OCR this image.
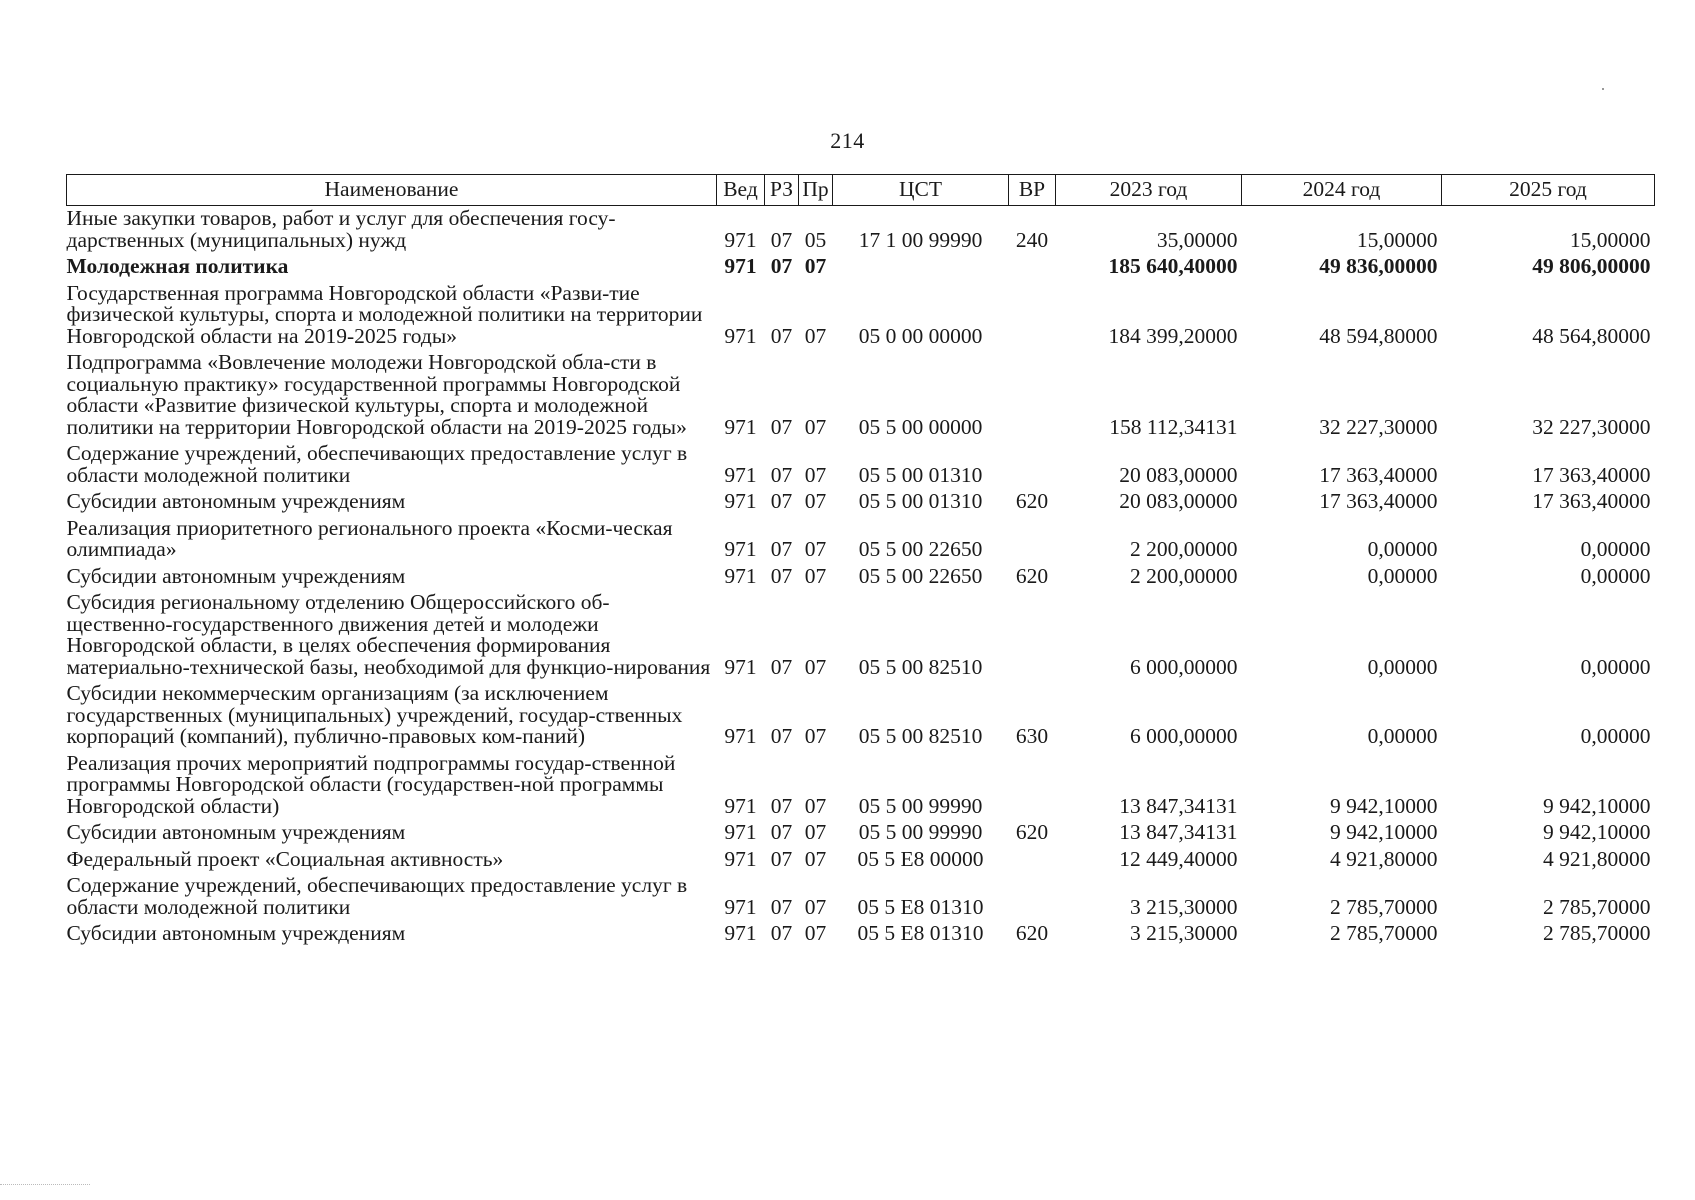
214
Наименование	Вед	РЗ	Пр	ЦСТ	ВР	2023 год	2024 год	2025 год
Иные закупки товаров, работ и услуг для обеспечения госу-дарственных (муниципальных) нужд	971	07	05	17 1 00 99990	240	35,00000	15,00000	15,00000
Молодежная политика	971	07	07			185 640,40000	49 836,00000	49 806,00000
Государственная программа Новгородской области «Разви-тие физической культуры, спорта и молодежной политики на территории Новгородской области на 2019-2025 годы»	971	07	07	05 0 00 00000		184 399,20000	48 594,80000	48 564,80000
Подпрограмма «Вовлечение молодежи Новгородской обла-сти в социальную практику» государственной программы Новгородской области «Развитие физической культуры, спорта и молодежной политики на территории Новгородской области на 2019-2025 годы»	971	07	07	05 5 00 00000		158 112,34131	32 227,30000	32 227,30000
Содержание учреждений, обеспечивающих предоставление услуг в области молодежной политики	971	07	07	05 5 00 01310		20 083,00000	17 363,40000	17 363,40000
Субсидии автономным учреждениям	971	07	07	05 5 00 01310	620	20 083,00000	17 363,40000	17 363,40000
Реализация приоритетного регионального проекта «Косми-ческая олимпиада»	971	07	07	05 5 00 22650		2 200,00000	0,00000	0,00000
Субсидии автономным учреждениям	971	07	07	05 5 00 22650	620	2 200,00000	0,00000	0,00000
Субсидия региональному отделению Общероссийского об-щественно-государственного движения детей и молодежи Новгородской области, в целях обеспечения формирования материально-технической базы, необходимой для функцио-нирования	971	07	07	05 5 00 82510		6 000,00000	0,00000	0,00000
Субсидии некоммерческим организациям (за исключением государственных (муниципальных) учреждений, государ-ственных корпораций (компаний), публично-правовых ком-паний)	971	07	07	05 5 00 82510	630	6 000,00000	0,00000	0,00000
Реализация прочих мероприятий подпрограммы государ-ственной программы Новгородской области (государствен-ной программы Новгородской области)	971	07	07	05 5 00 99990		13 847,34131	9 942,10000	9 942,10000
Субсидии автономным учреждениям	971	07	07	05 5 00 99990	620	13 847,34131	9 942,10000	9 942,10000
Федеральный проект «Социальная активность»	971	07	07	05 5 E8 00000		12 449,40000	4 921,80000	4 921,80000
Содержание учреждений, обеспечивающих предоставление услуг в области молодежной политики	971	07	07	05 5 E8 01310		3 215,30000	2 785,70000	2 785,70000
Субсидии автономным учреждениям	971	07	07	05 5 E8 01310	620	3 215,30000	2 785,70000	2 785,70000
